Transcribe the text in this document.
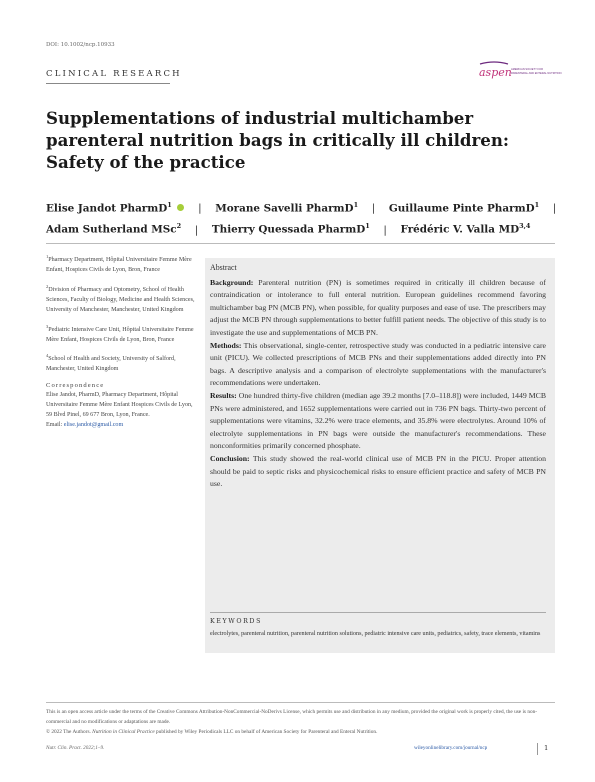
DOI: 10.1002/ncp.10933
CLINICAL RESEARCH	aspen AMERICAN SOCIETY FOR
PARENTERAL AND ENTERAL NUTRITION
Supplementations of industrial multichamber
parenteral nutrition bags in critically ill children:
Safety of the practice
Elise Jandot PharmD$^1$	| Morane Savelli PharmD$^1$ | Guillaume Pinte PharmD$^1$ |
Adam Sutherland MSc$^2$ | Thierry Quessada PharmD$^1$ | Frédéric V. Valla MD$^{3,4}$
$^1$Pharmacy Department, Hôpital Universitaire Femme Mère Enfant, Hospices Civils de Lyon, Bron, France
$^2$Division of Pharmacy and Optometry, School of Health Sciences, Faculty of Biology, Medicine and Health Sciences, University of Manchester, Manchester, United Kingdom
$^3$Pediatric Intensive Care Unit, Hôpital Universitaire Femme Mère Enfant, Hospices Civils de Lyon, Bron, France
$^4$School of Health and Society, University of Salford, Manchester, United Kingdom
Correspondence
Elise Jandot, PharmD, Pharmacy Department, Hôpital Universitaire Femme Mère Enfant Hospices Civils de Lyon, 59 Blvd Pinel, 69 677 Bron, Lyon, France.
Email: elise.jandot@gmail.com
Abstract

Background: Parenteral nutrition (PN) is sometimes required in critically ill children because of contraindication or intolerance to full enteral nutrition. European guidelines recommend favoring multichamber bag PN (MCB PN), when possible, for quality purposes and ease of use. The prescribers may adjust the MCB PN through supplementations to better fulfill patient needs. The objective of this study is to investigate the use and supplementations of MCB PN.

Methods: This observational, single-center, retrospective study was conducted in a pediatric intensive care unit (PICU). We collected prescriptions of MCB PNs and their supplementations added directly into PN bags. A descriptive analysis and a comparison of electrolyte supplementations with the manufacturer's recommendations were undertaken.

Results: One hundred thirty-five children (median age 39.2 months [7.0–118.8]) were included, 1449 MCB PNs were administered, and 1652 supplementations were carried out in 736 PN bags. Thirty-two percent of supplementations were vitamins, 32.2% were trace elements, and 35.8% were electrolytes. Around 10% of electrolyte supplementations in PN bags were outside the manufacturer's recommendations. These nonconformities primarily concerned phosphate.

Conclusion: This study showed the real-world clinical use of MCB PN in the PICU. Proper attention should be paid to septic risks and physicochemical risks to ensure efficient practice and safety of MCB PN use.

KEYWORDS
electrolytes, parenteral nutrition, parenteral nutrition solutions, pediatric intensive care units, pediatrics, safety, trace elements, vitamins
This is an open access article under the terms of the Creative Commons Attribution-NonCommercial-NoDerivs License, which permits use and distribution in any medium, provided the original work is properly cited, the use is non-commercial and no modifications or adaptations are made.
© 2022 The Authors. Nutrition in Clinical Practice published by Wiley Periodicals LLC on behalf of American Society for Parenteral and Enteral Nutrition.
Nutr. Clin. Pract. 2022;1–9.	wileyonlinelibrary.com/journal/ncp	1
